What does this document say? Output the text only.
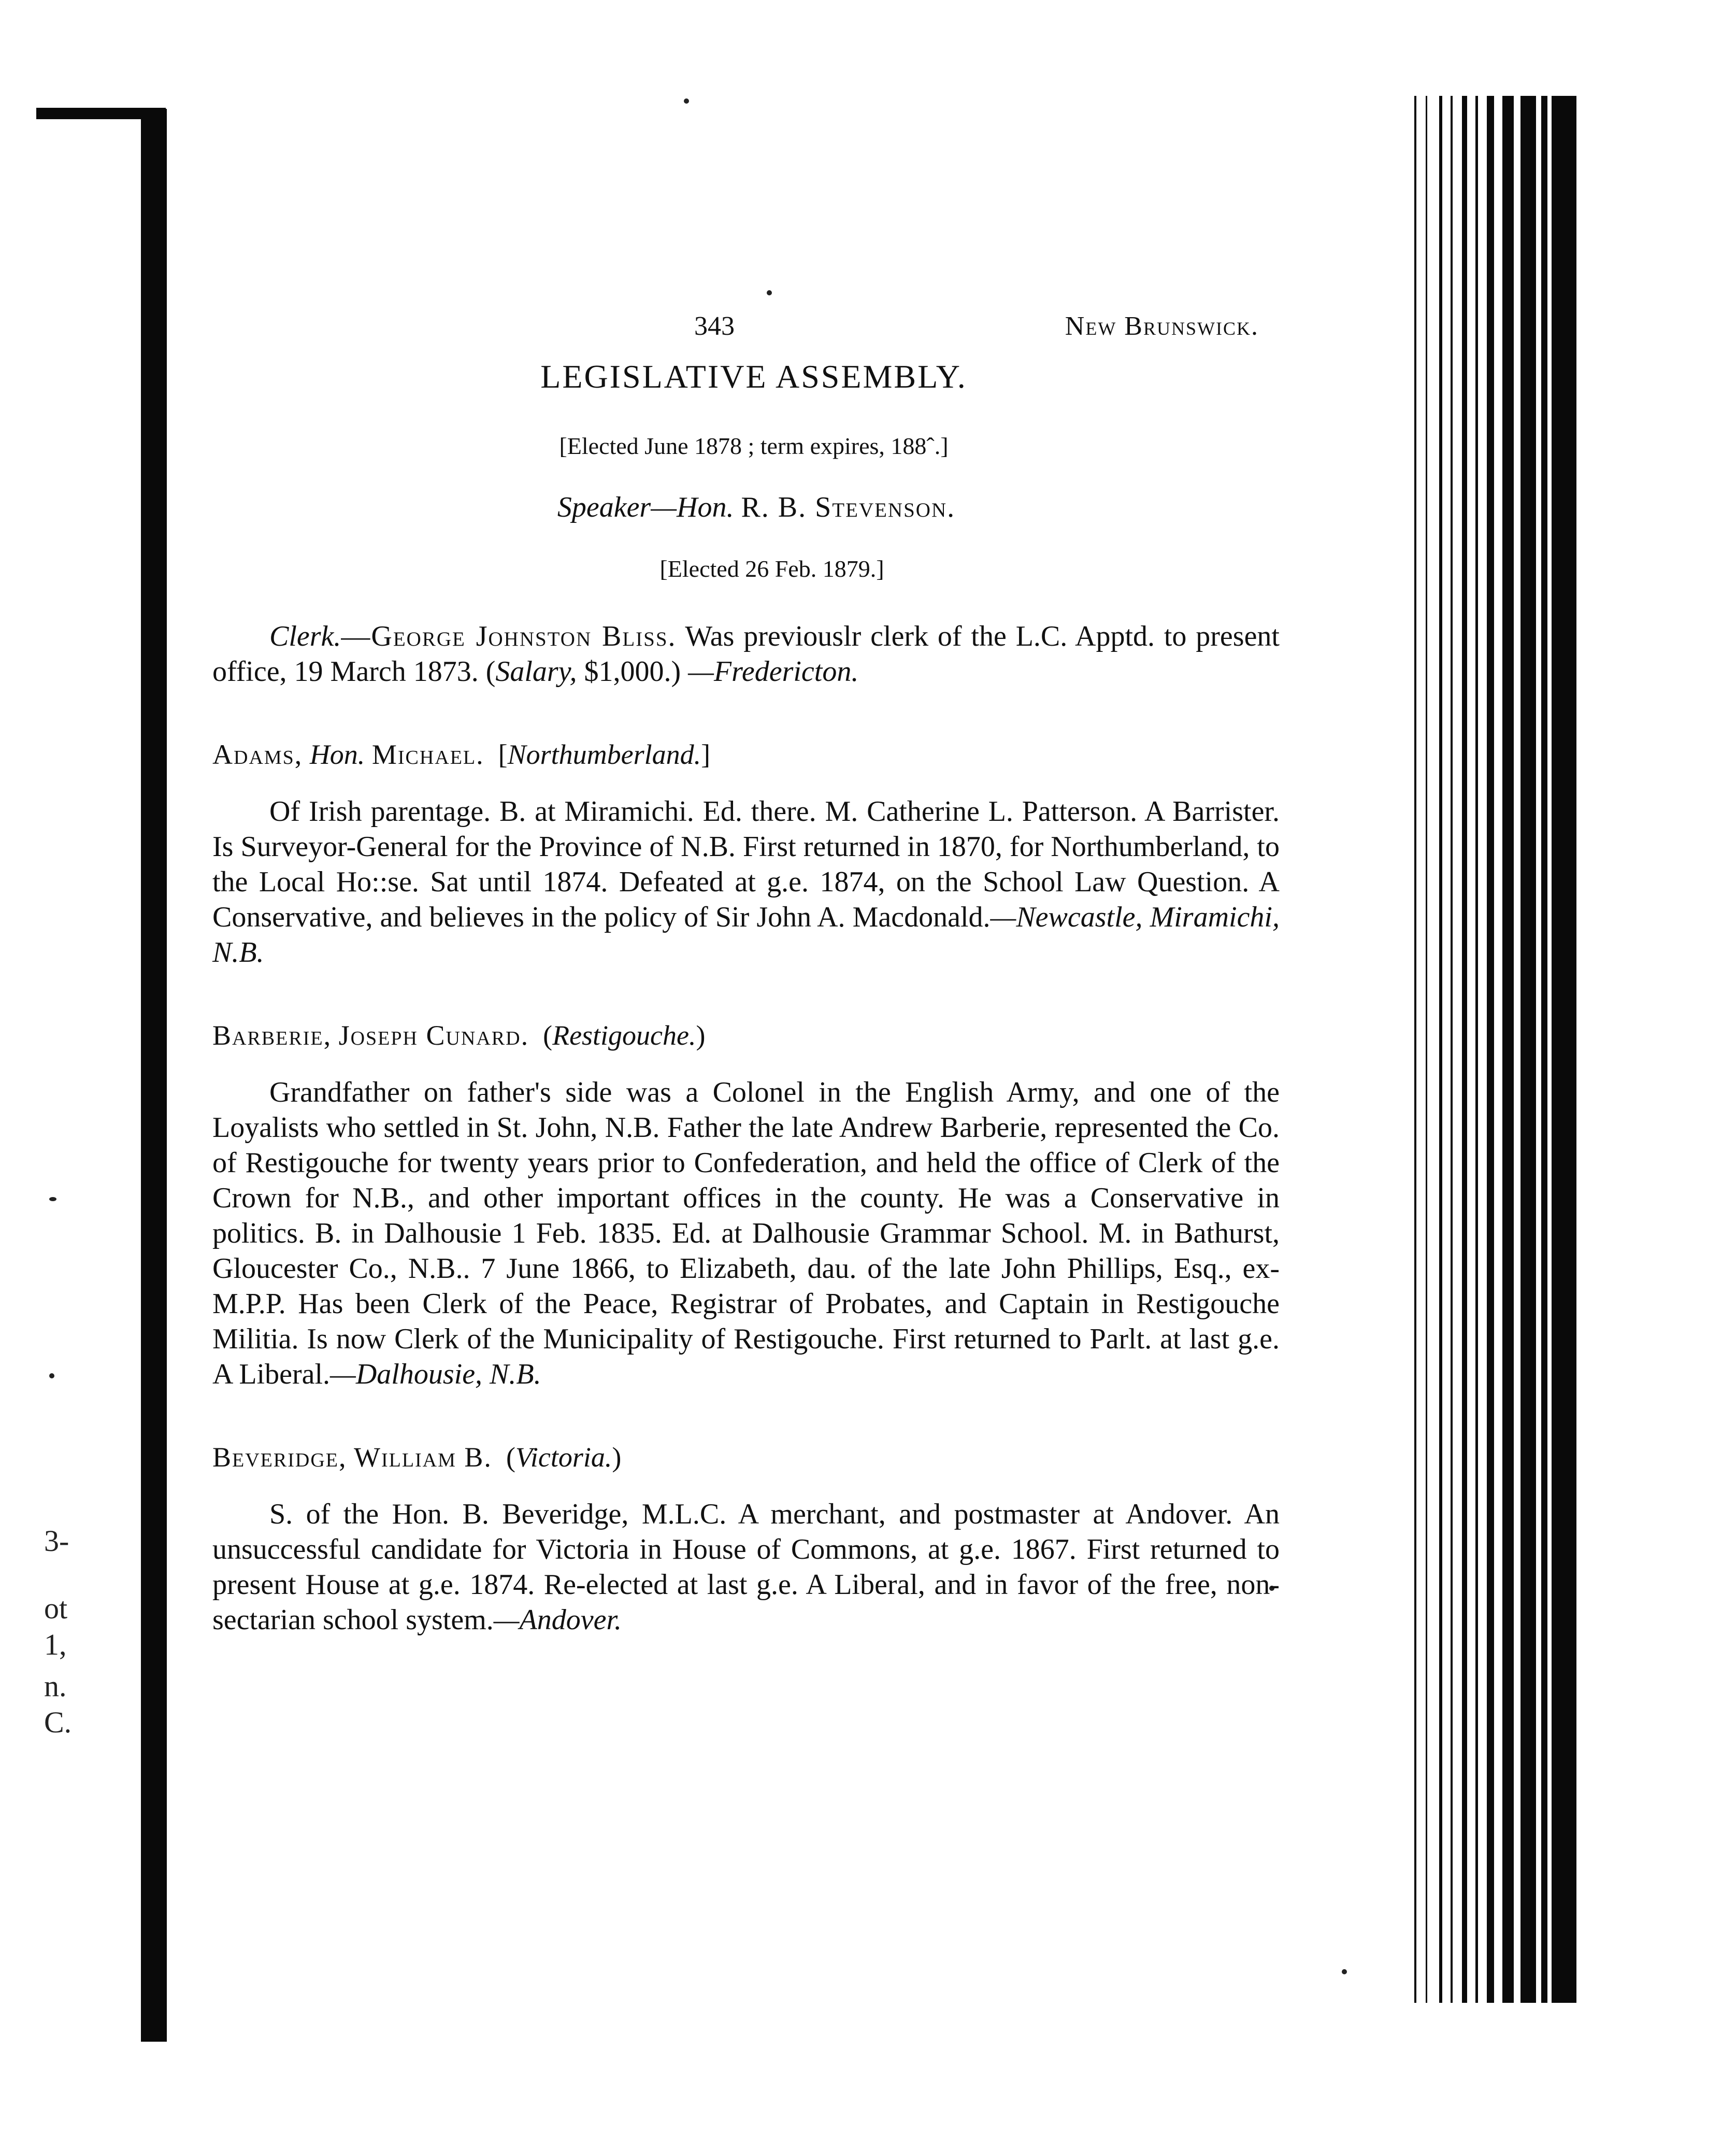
3-
ot
1,
n.
C.
343	New Brunswick.
LEGISLATIVE ASSEMBLY.
[Elected June 1878 ; term expires, 188ˆ.]
Speaker—Hon. R. B. Stevenson.
[Elected 26 Feb. 1879.]

Clerk.—George Johnston Bliss. Was previouslr clerk of the L.C. Apptd. to present office, 19 March 1873. (Salary, $1,000.) —Fredericton.

Adams, Hon. Michael. [Northumberland.]

Of Irish parentage. B. at Miramichi. Ed. there. M. Catherine L. Patterson. A Barrister. Is Surveyor-General for the Province of N.B. First returned in 1870, for Northumberland, to the Local Ho::se. Sat until 1874. Defeated at g.e. 1874, on the School Law Question. A Conservative, and believes in the policy of Sir John A. Macdonald.—Newcastle, Miramichi, N.B.

Barberie, Joseph Cunard. (Restigouche.)

Grandfather on father's side was a Colonel in the English Army, and one of the Loyalists who settled in St. John, N.B. Father the late Andrew Barberie, represented the Co. of Restigouche for twenty years prior to Confederation, and held the office of Clerk of the Crown for N.B., and other important offices in the county. He was a Conservative in politics. B. in Dalhousie 1 Feb. 1835. Ed. at Dalhousie Grammar School. M. in Bathurst, Gloucester Co., N.B.. 7 June 1866, to Elizabeth, dau. of the late John Phillips, Esq., ex-M.P.P. Has been Clerk of the Peace, Registrar of Probates, and Captain in Restigouche Militia. Is now Clerk of the Municipality of Restigouche. First returned to Parlt. at last g.e. A Liberal.—Dalhousie, N.B.

Beveridge, William B. (Victoria.)

S. of the Hon. B. Beveridge, M.L.C. A merchant, and postmaster at Andover. An unsuccessful candidate for Victoria in House of Commons, at g.e. 1867. First returned to present House at g.e. 1874. Re-elected at last g.e. A Liberal, and in favor of the free, non-sectarian school system.—Andover.
